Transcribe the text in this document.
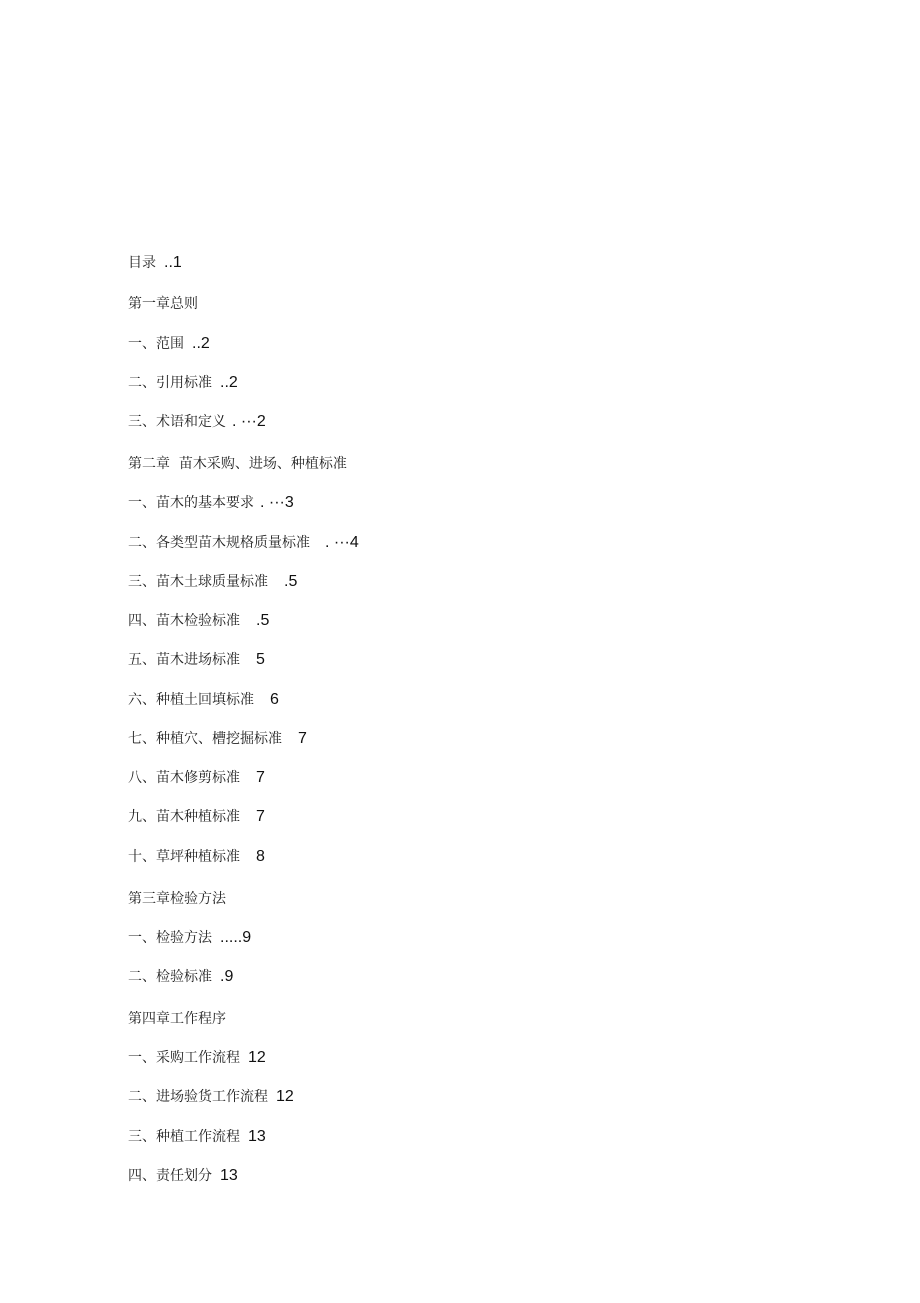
目录 ..1
第一章总则
一、范围 ..2
二、引用标准 ..2
三、术语和定义 . ···2
第二章  苗木采购、进场、种植标准
一、苗木的基本要求 . ···3
二、各类型苗木规格质量标准 . ···4
三、苗木土球质量标准 .5
四、苗木检验标准 .5
五、苗木进场标准 5
六、种植土回填标准 6
七、种植穴、槽挖掘标准 7
八、苗木修剪标准 7
九、苗木种植标准 7
十、草坪种植标准 8
第三章检验方法
一、检验方法 .....9
二、检验标准 .9
第四章工作程序
一、采购工作流程 12
二、进场验货工作流程 12
三、种植工作流程 13
四、责任划分 13
